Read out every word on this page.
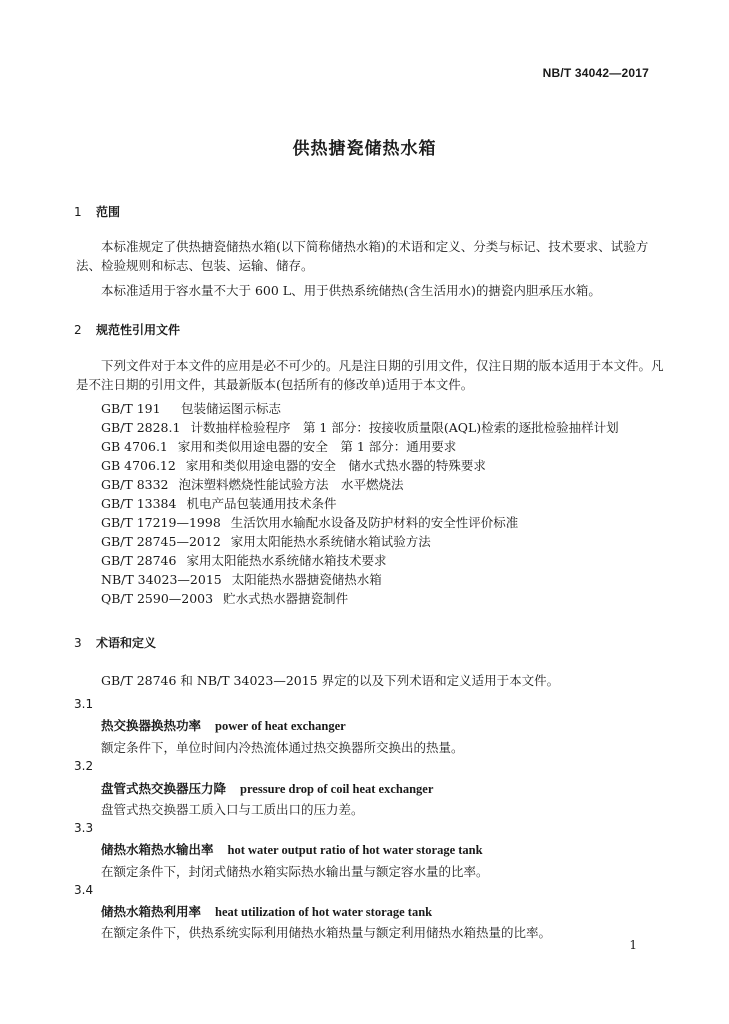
NB/T 34042—2017
供热搪瓷储热水箱
1 范围
本标准规定了供热搪瓷储热水箱(以下简称储热水箱)的术语和定义、分类与标记、技术要求、试验方法、检验规则和标志、包装、运输、储存。
本标准适用于容水量不大于 600 L、用于供热系统储热(含生活用水)的搪瓷内胆承压水箱。
2 规范性引用文件
下列文件对于本文件的应用是必不可少的。凡是注日期的引用文件，仅注日期的版本适用于本文件。凡是不注日期的引用文件，其最新版本(包括所有的修改单)适用于本文件。
GB/T 191 包装储运图示标志
GB/T 2828.1 计数抽样检验程序　第 1 部分：按接收质量限(AQL)检索的逐批检验抽样计划
GB 4706.1 家用和类似用途电器的安全　第 1 部分：通用要求
GB 4706.12 家用和类似用途电器的安全　储水式热水器的特殊要求
GB/T 8332 泡沫塑料燃烧性能试验方法　水平燃烧法
GB/T 13384 机电产品包装通用技术条件
GB/T 17219—1998 生活饮用水输配水设备及防护材料的安全性评价标准
GB/T 28745—2012 家用太阳能热水系统储水箱试验方法
GB/T 28746 家用太阳能热水系统储水箱技术要求
NB/T 34023—2015 太阳能热水器搪瓷储热水箱
QB/T 2590—2003 贮水式热水器搪瓷制件
3 术语和定义
GB/T 28746 和 NB/T 34023—2015 界定的以及下列术语和定义适用于本文件。
3.1
热交换器换热功率 power of heat exchanger
额定条件下，单位时间内冷热流体通过热交换器所交换出的热量。
3.2
盘管式热交换器压力降 pressure drop of coil heat exchanger
盘管式热交换器工质入口与工质出口的压力差。
3.3
储热水箱热水输出率 hot water output ratio of hot water storage tank
在额定条件下，封闭式储热水箱实际热水输出量与额定容水量的比率。
3.4
储热水箱热利用率 heat utilization of hot water storage tank
在额定条件下，供热系统实际利用储热水箱热量与额定利用储热水箱热量的比率。
1
